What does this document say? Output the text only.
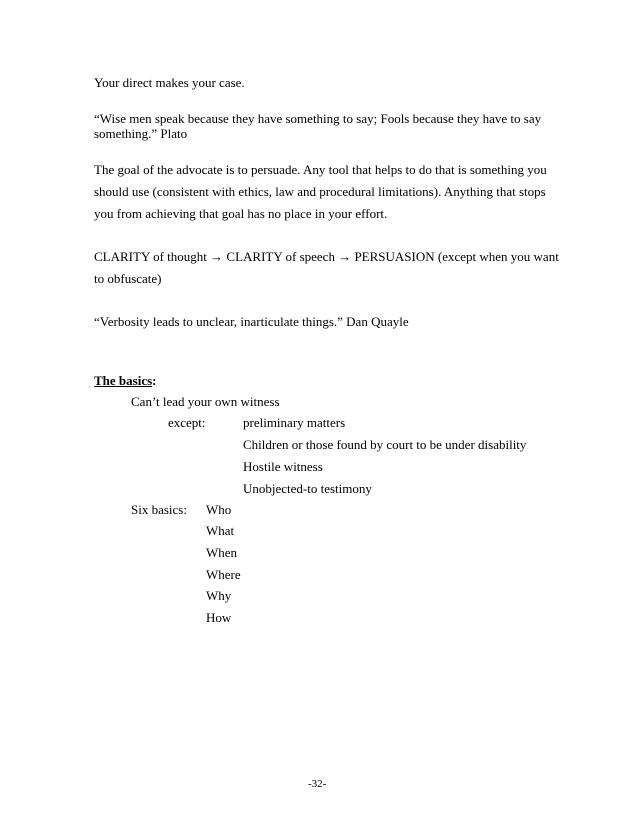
Your direct makes your case.
“Wise men speak because they have something to say; Fools because they have to say
something.” Plato
The goal of the advocate is to persuade. Any tool that helps to do that is something you
should use (consistent with ethics, law and procedural limitations). Anything that stops
you from achieving that goal has no place in your effort.
CLARITY of thought → CLARITY of speech → PERSUASION (except when you want
to obfuscate)
“Verbosity leads to unclear, inarticulate things.” Dan Quayle
The basics:
Can’t lead your own witness
except:	preliminary matters
Children or those found by court to be under disability
Hostile witness
Unobjected-to testimony
Six basics: Who
What
When
Where
Why
How
-32-
